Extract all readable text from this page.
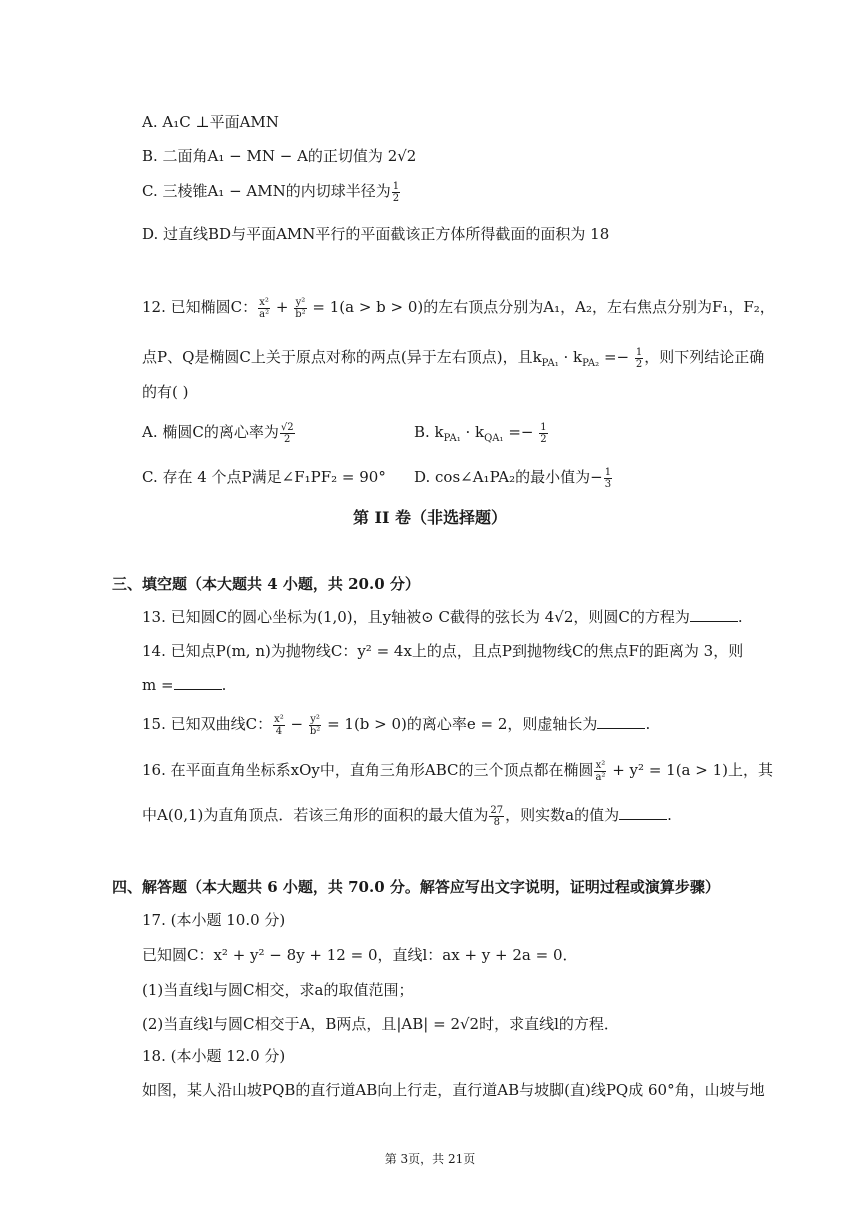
A. A₁C ⊥平面AMN
B. 二面角A₁ − MN − A的正切值为 2√2
C. 三棱锥A₁ − AMN的内切球半径为 $\frac{1}{2}$
D. 过直线BD与平面AMN平行的平面截该正方体所得截面的面积为 18
12. 已知椭圆C： $\frac{\text{x²}}{\text{a²}} + \frac{\text{y²}}{\text{b²}} = 1(a > b > 0)$的左右顶点分别为A₁，A₂，左右焦点分别为F₁，F₂，
点P、Q是椭圆C上关于原点对称的两点(异于左右顶点)，且$k_{PA_1} \cdot k_{PA_2} =- \frac{1}{2}$ ，则下列结论正确
的有( )
A. 椭圆C的离心率为 $\frac{√2}{2}$	B. $k_{PA_1} \cdot k_{QA_1} =- \frac{1}{2}$
C. 存在 4 个点P满足∠F₁PF₂ = 90° D. cos∠A₁PA₂的最小值为− $\frac{1}{3}$
第 II 卷（非选择题）
三、填空题（本大题共 4 小题，共 20.0 分）
13. 已知圆C的圆心坐标为(1,0)，且y轴被⊙ C截得的弦长为 4√2，则圆C的方程为	.
14. 已知点P(m, n)为抛物线C：y² = 4x上的点，且点P到抛物线C的焦点F的距离为 3，则
m =	.
15. 已知双曲线C： $\frac{\text{x²}}{4} - \frac{\text{y²}}{\text{b²}} = 1(b > 0)$的离心率e = 2，则虚轴长为	.
16. 在平面直角坐标系xOy中，直角三角形ABC的三个顶点都在椭圆 $\frac{\text{x²}}{\text{a²}} + y^2 = 1(a > 1)$上，其
中A(0,1)为直角顶点．若该三角形的面积的最大值为 $\frac{27}{8}$ ，则实数a的值为	.
四、解答题（本大题共 6 小题，共 70.0 分。解答应写出文字说明，证明过程或演算步骤）
17. (本小题 10.0 分)
已知圆C：x² + y² − 8y + 12 = 0，直线l：ax + y + 2a = 0．
(1)当直线l与圆C相交，求a的取值范围；
(2)当直线l与圆C相交于A，B两点，且|AB| = 2√2时，求直线l的方程．
18. (本小题 12.0 分)
如图，某人沿山坡PQB的直行道AB向上行走，直行道AB与坡脚(直)线PQ成 60°角，山坡与地
第 3页，共 21页
